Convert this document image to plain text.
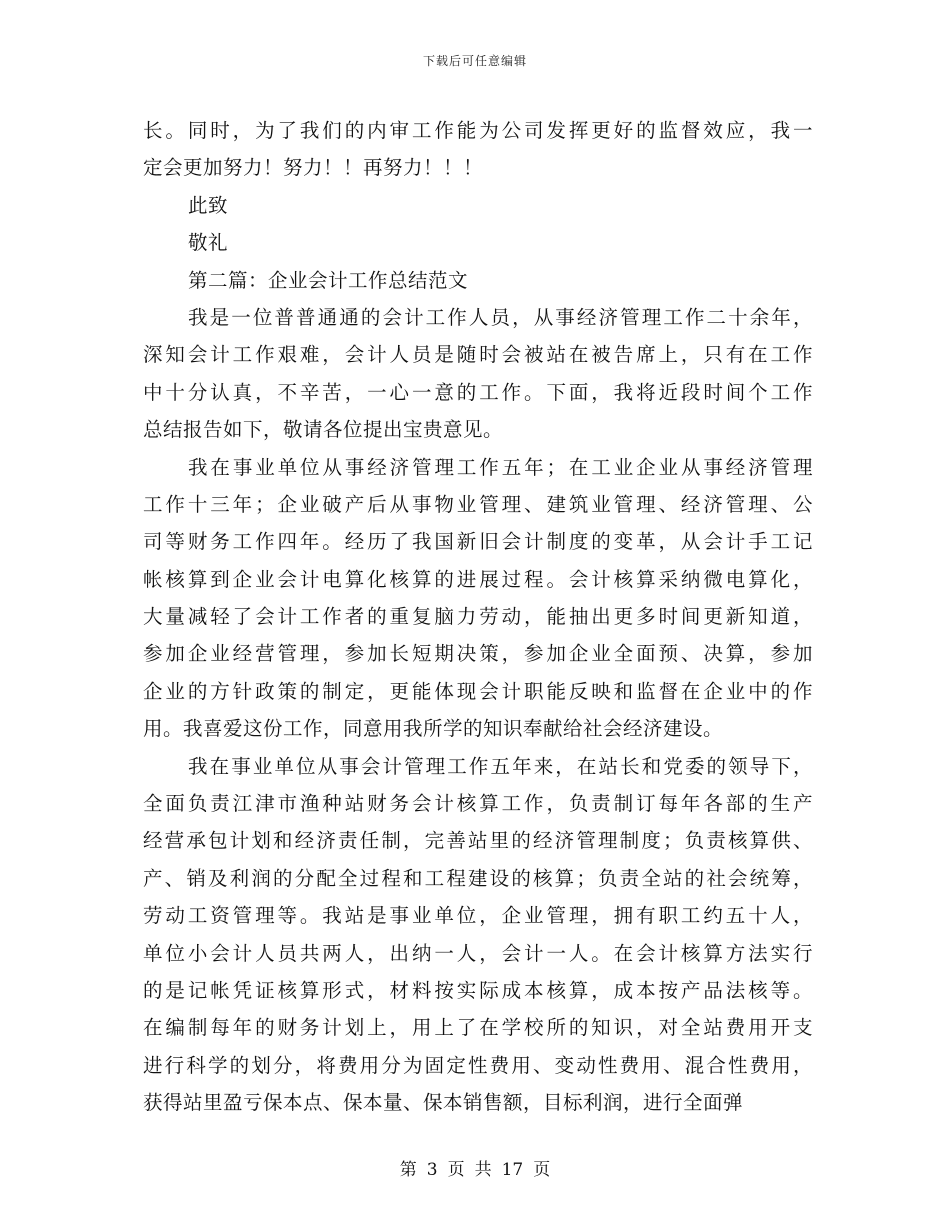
下载后可任意编辑
长。同时，为了我们的内审工作能为公司发挥更好的监督效应，我一
定会更加努力！努力！！再努力！！！
此致
敬礼
第二篇：企业会计工作总结范文
我是一位普普通通的会计工作人员，从事经济管理工作二十余年，
深知会计工作艰难，会计人员是随时会被站在被告席上，只有在工作
中十分认真，不辛苦，一心一意的工作。下面，我将近段时间个工作
总结报告如下，敬请各位提出宝贵意见。
我在事业单位从事经济管理工作五年；在工业企业从事经济管理
工作十三年；企业破产后从事物业管理、建筑业管理、经济管理、公
司等财务工作四年。经历了我国新旧会计制度的变革，从会计手工记
帐核算到企业会计电算化核算的进展过程。会计核算采纳微电算化，
大量减轻了会计工作者的重复脑力劳动，能抽出更多时间更新知道，
参加企业经营管理，参加长短期决策，参加企业全面预、决算，参加
企业的方针政策的制定，更能体现会计职能反映和监督在企业中的作
用。我喜爱这份工作，同意用我所学的知识奉献给社会经济建设。
我在事业单位从事会计管理工作五年来，在站长和党委的领导下，
全面负责江津市渔种站财务会计核算工作，负责制订每年各部的生产
经营承包计划和经济责任制，完善站里的经济管理制度；负责核算供、
产、销及利润的分配全过程和工程建设的核算；负责全站的社会统筹，
劳动工资管理等。我站是事业单位，企业管理，拥有职工约五十人，
单位小会计人员共两人，出纳一人，会计一人。在会计核算方法实行
的是记帐凭证核算形式，材料按实际成本核算，成本按产品法核等。
在编制每年的财务计划上，用上了在学校所的知识，对全站费用开支
进行科学的划分，将费用分为固定性费用、变动性费用、混合性费用，
获得站里盈亏保本点、保本量、保本销售额，目标利润，进行全面弹
第 3 页 共 17 页
